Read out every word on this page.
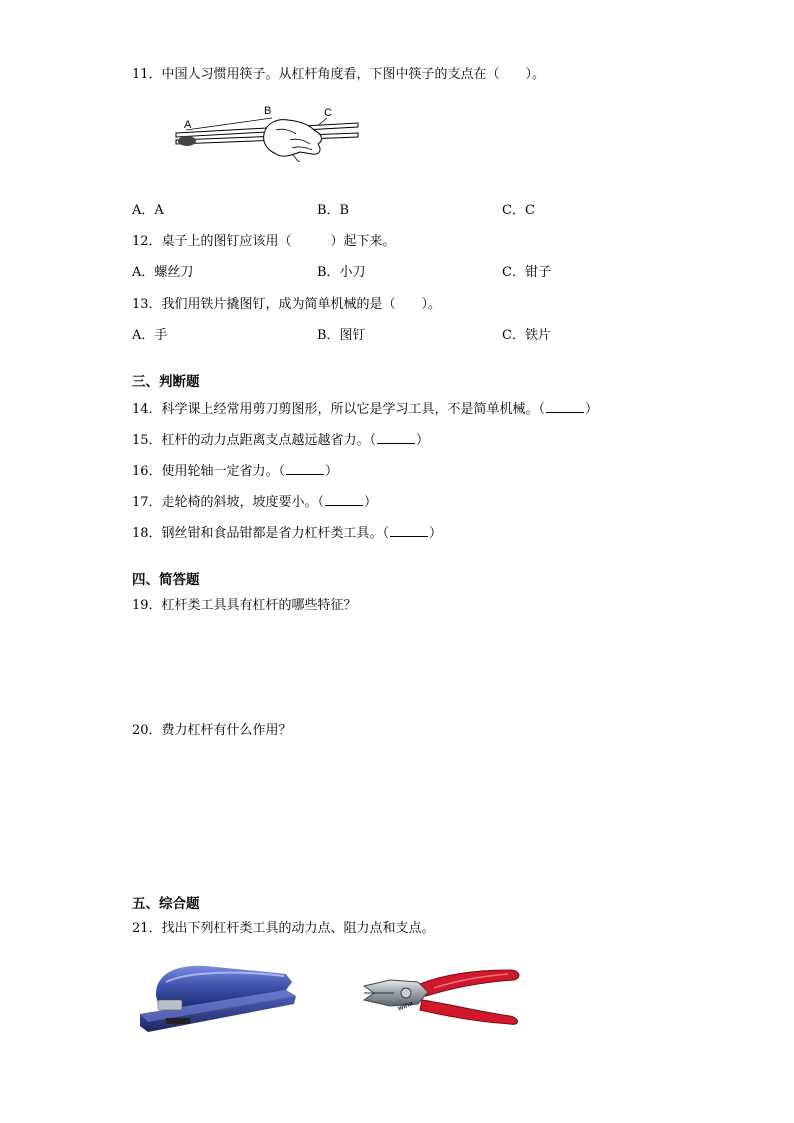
11．中国人习惯用筷子。从杠杆角度看，下图中筷子的支点在（　　）。
A
B	C
A．A	B．B	C．C
12．桌子上的图钉应该用（　　　）起下来。
A．螺丝刀	B．小刀	C．钳子
13．我们用铁片撬图钉，成为简单机械的是（　　）。
A．手	B．图钉	C．铁片
三、判断题
14．科学课上经常用剪刀剪图形，所以它是学习工具，不是简单机械。（	）
15．杠杆的动力点距离支点越远越省力。（	）
16．使用轮轴一定省力。（	）
17．走轮椅的斜坡，坡度要小。（	）
18．钢丝钳和食品钳都是省力杠杆类工具。（	）
四、简答题
19．杠杆类工具具有杠杆的哪些特征？
20．费力杠杆有什么作用？
五、综合题
21．找出下列杠杆类工具的动力点、阻力点和支点。
wiha
